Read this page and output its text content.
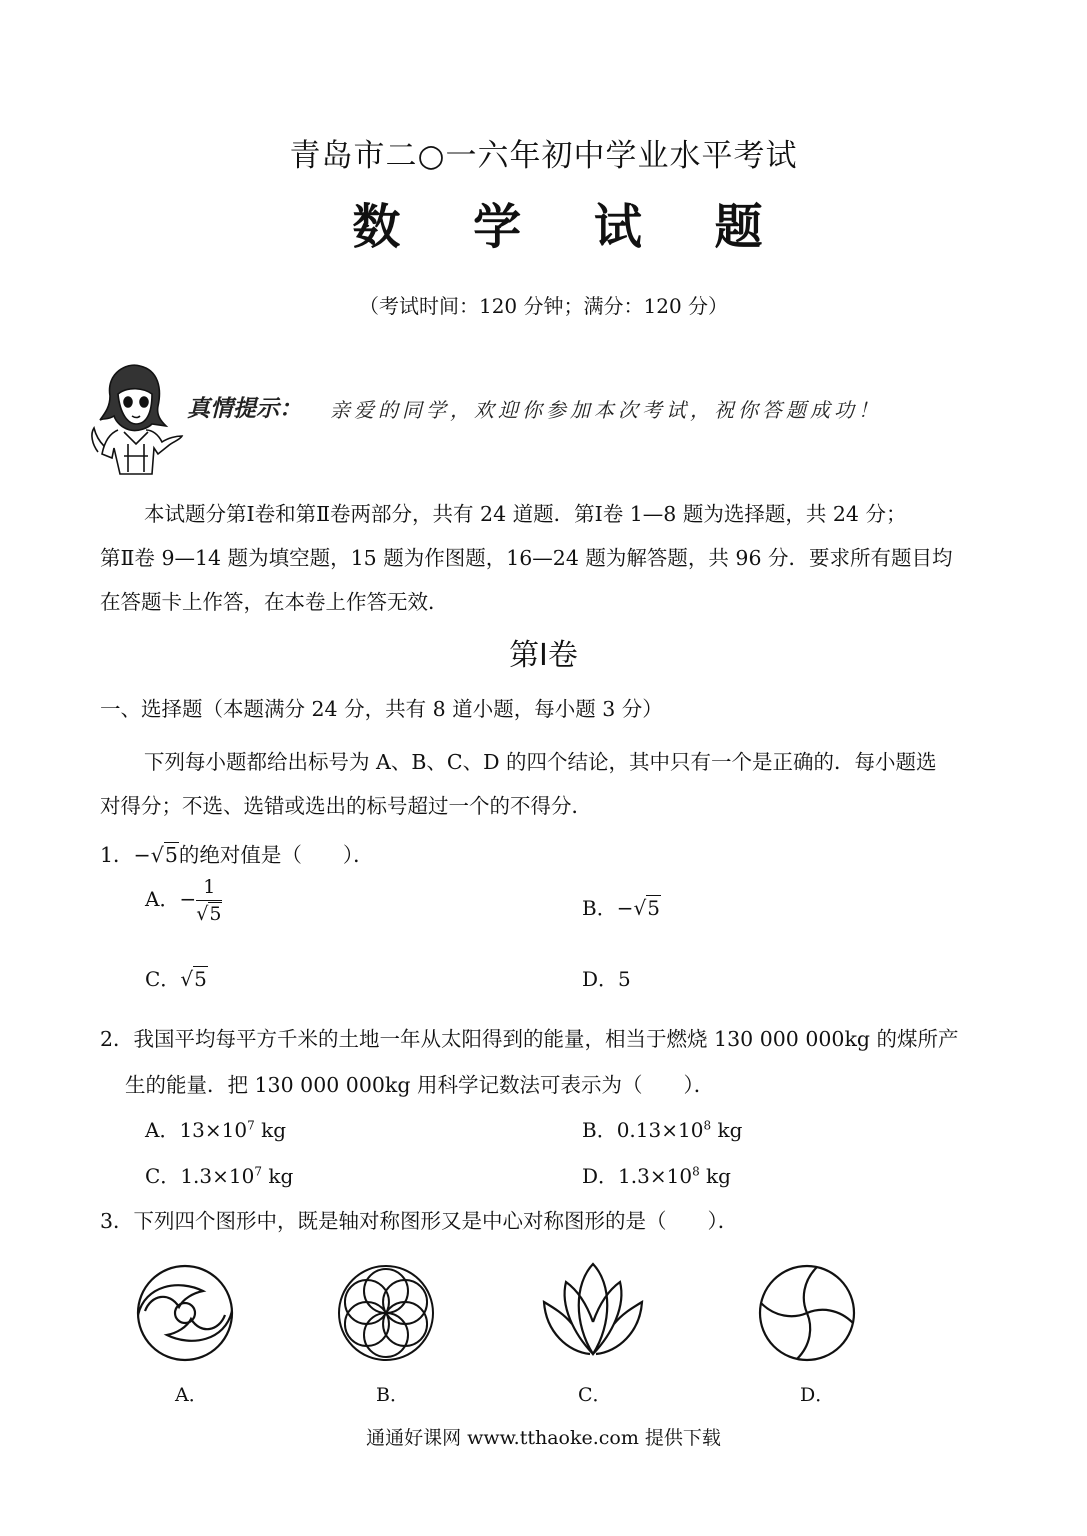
青岛市二○一六年初中学业水平考试
数 学 试 题
（考试时间：120 分钟；满分：120 分）
真情提示： 亲爱的同学，欢迎你参加本次考试，祝你答题成功！
本试题分第Ⅰ卷和第Ⅱ卷两部分，共有 24 道题．第Ⅰ卷 1—8 题为选择题，共 24 分；
第Ⅱ卷 9—14 题为填空题，15 题为作图题，16—24 题为解答题，共 96 分．要求所有题目均
在答题卡上作答，在本卷上作答无效．
第Ⅰ卷
一、选择题（本题满分 24 分，共有 8 道小题，每小题 3 分）
下列每小题都给出标号为 A、B、C、D 的四个结论，其中只有一个是正确的．每小题选
对得分；不选、选错或选出的标号超过一个的不得分．
1．−√5的绝对值是（　　）．
A．− $\frac{1}{√5}$	B．−√5
C．√5	D．5
2．我国平均每平方千米的土地一年从太阳得到的能量，相当于燃烧 130 000 000kg 的煤所产
生的能量．把 130 000 000kg 用科学记数法可表示为（　　）．
A．$13\times 10^7$ kg	B．$0.13\times 10^8$ kg
C．$1.3\times 10^7$ kg	D．$1.3\times 10^8$ kg
3．下列四个图形中，既是轴对称图形又是中心对称图形的是（　　）．
A．	B．	C．	D．
通通好课网 www.tthaoke.com 提供下载
